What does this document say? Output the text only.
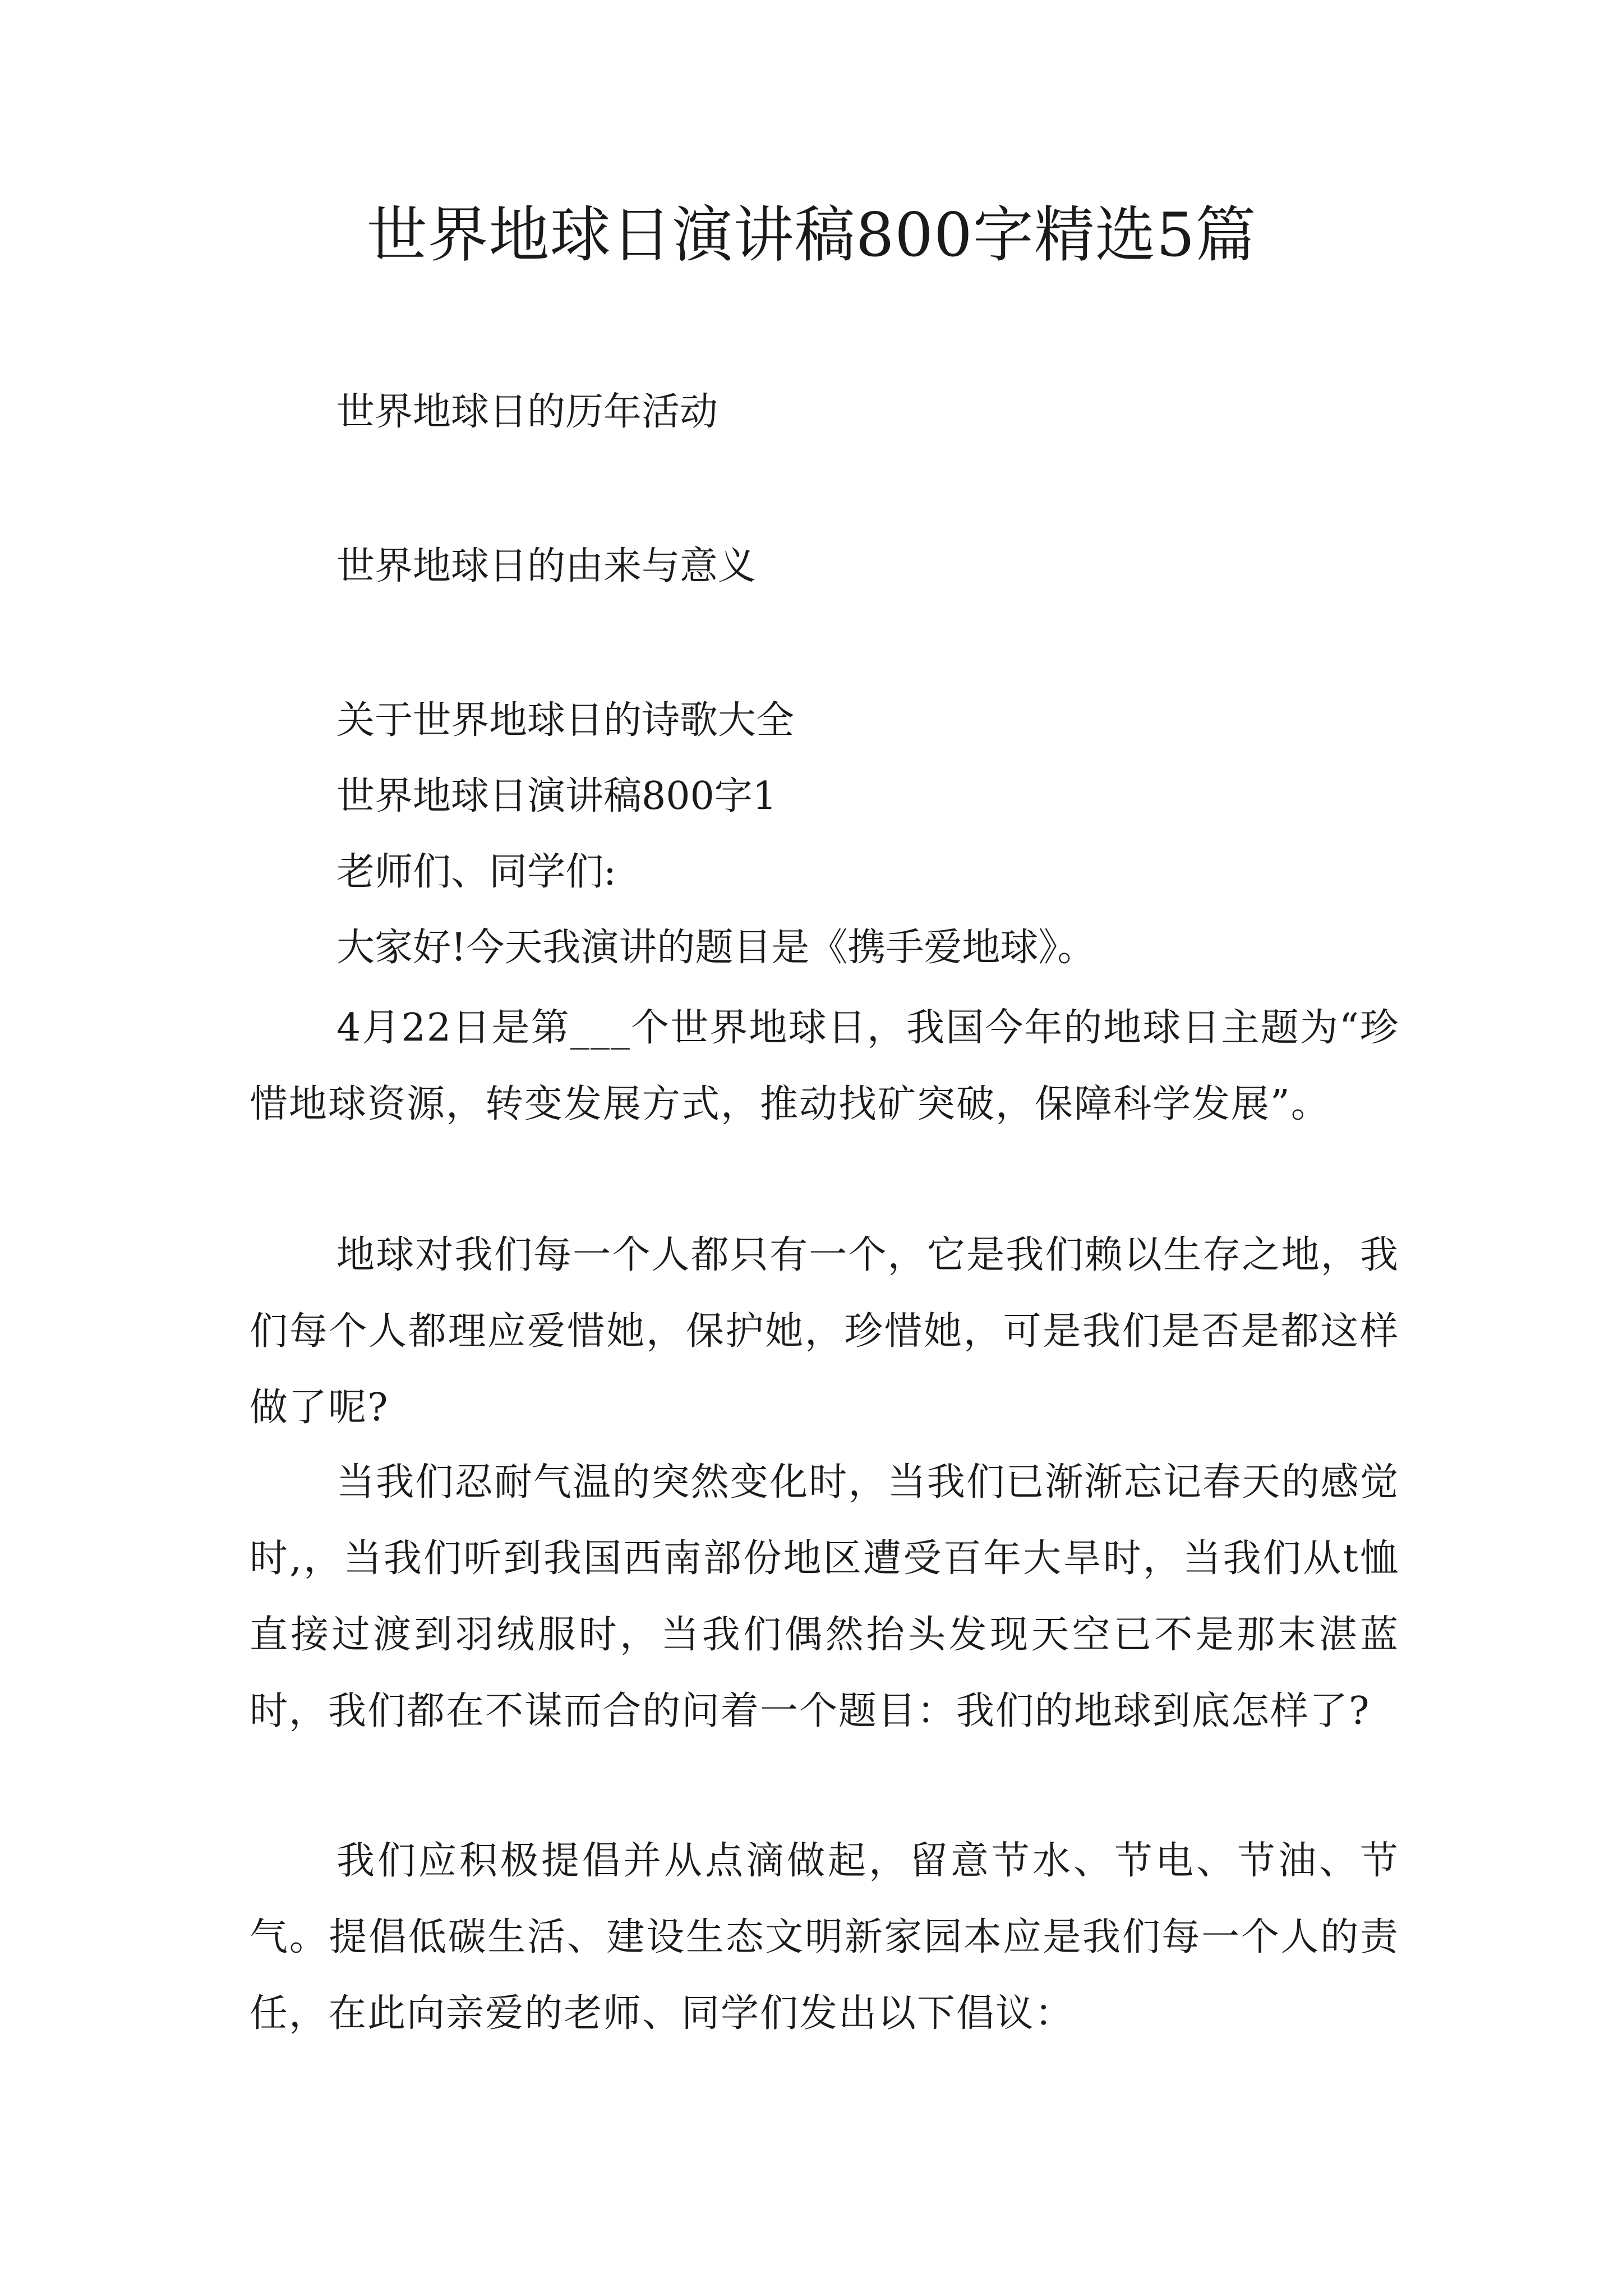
世界地球日演讲稿800字精选5篇

世界地球日的历年活动

世界地球日的由来与意义

关于世界地球日的诗歌大全

世界地球日演讲稿800字1

老师们、同学们:

大家好!今天我演讲的题目是《携手爱地球》。

4月22日是第___个世界地球日，我国今年的地球日主题为“珍惜地球资源，转变发展方式，推动找矿突破，保障科学发展”。

地球对我们每一个人都只有一个，它是我们赖以生存之地，我们每个人都理应爱惜她，保护她，珍惜她，可是我们是否是都这样做了呢?

当我们忍耐气温的突然变化时，当我们已渐渐忘记春天的感觉时,，当我们听到我国西南部份地区遭受百年大旱时，当我们从t恤直接过渡到羽绒服时，当我们偶然抬头发现天空已不是那末湛蓝时，我们都在不谋而合的问着一个题目：我们的地球到底怎样了?

我们应积极提倡并从点滴做起，留意节水、节电、节油、节气。提倡低碳生活、建设生态文明新家园本应是我们每一个人的责任，在此向亲爱的老师、同学们发出以下倡议：
